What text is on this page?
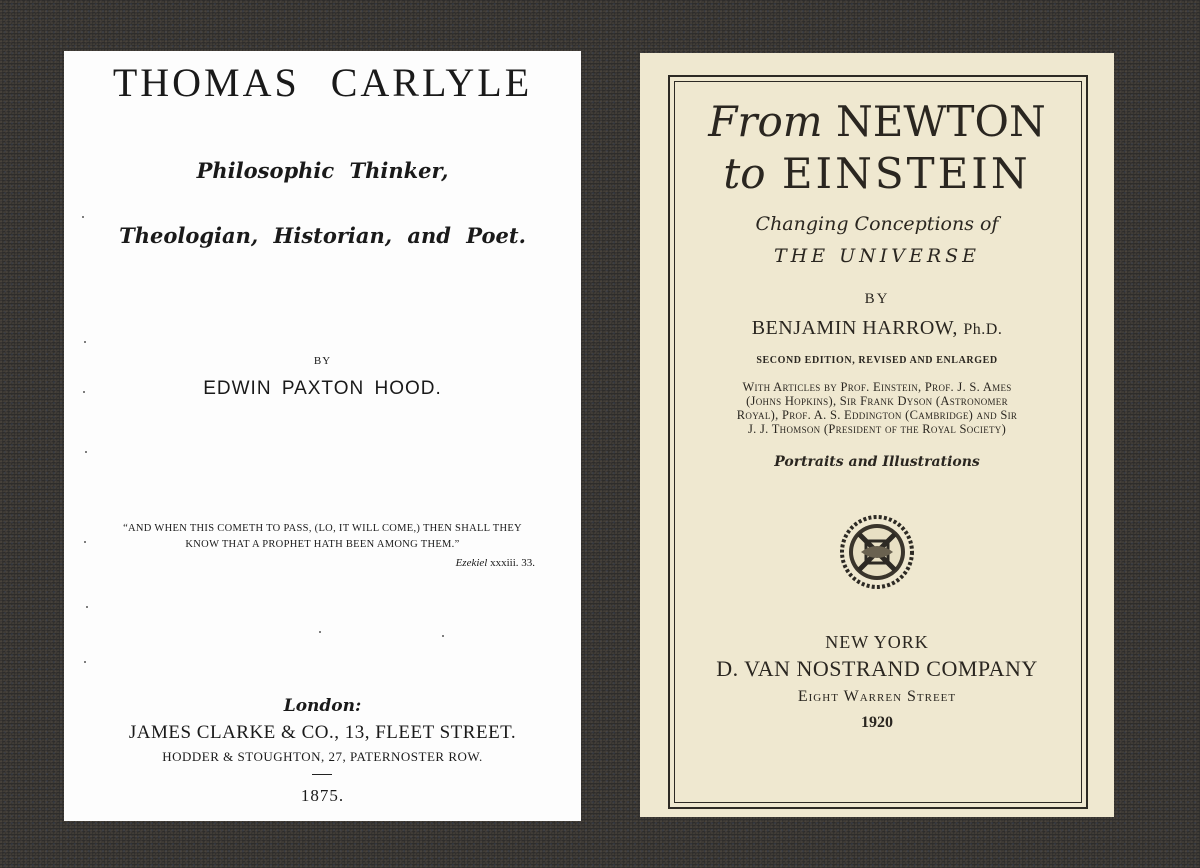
THOMAS CARLYLE
Philosophic Thinker,
Theologian, Historian, and Poet.
BY
EDWIN PAXTON HOOD.
“AND WHEN THIS COMETH TO PASS, (LO, IT WILL COME,) THEN SHALL THEY
KNOW THAT A PROPHET HATH BEEN AMONG THEM.”
Ezekiel xxxiii. 33.
London:
JAMES CLARKE & CO., 13, FLEET STREET.
HODDER & STOUGHTON, 27, PATERNOSTER ROW.
1875.
From NEWTON
to EINSTEIN
Changing Conceptions of
THE UNIVERSE
BY
BENJAMIN HARROW, Ph.D.
SECOND EDITION, REVISED AND ENLARGED
With Articles by Prof. Einstein, Prof. J. S. Ames
(Johns Hopkins), Sir Frank Dyson (Astronomer
Royal), Prof. A. S. Eddington (Cambridge) and Sir
J. J. Thomson (President of the Royal Society)
Portraits and Illustrations
NEW YORK
D. VAN NOSTRAND COMPANY
Eight Warren Street
1920
